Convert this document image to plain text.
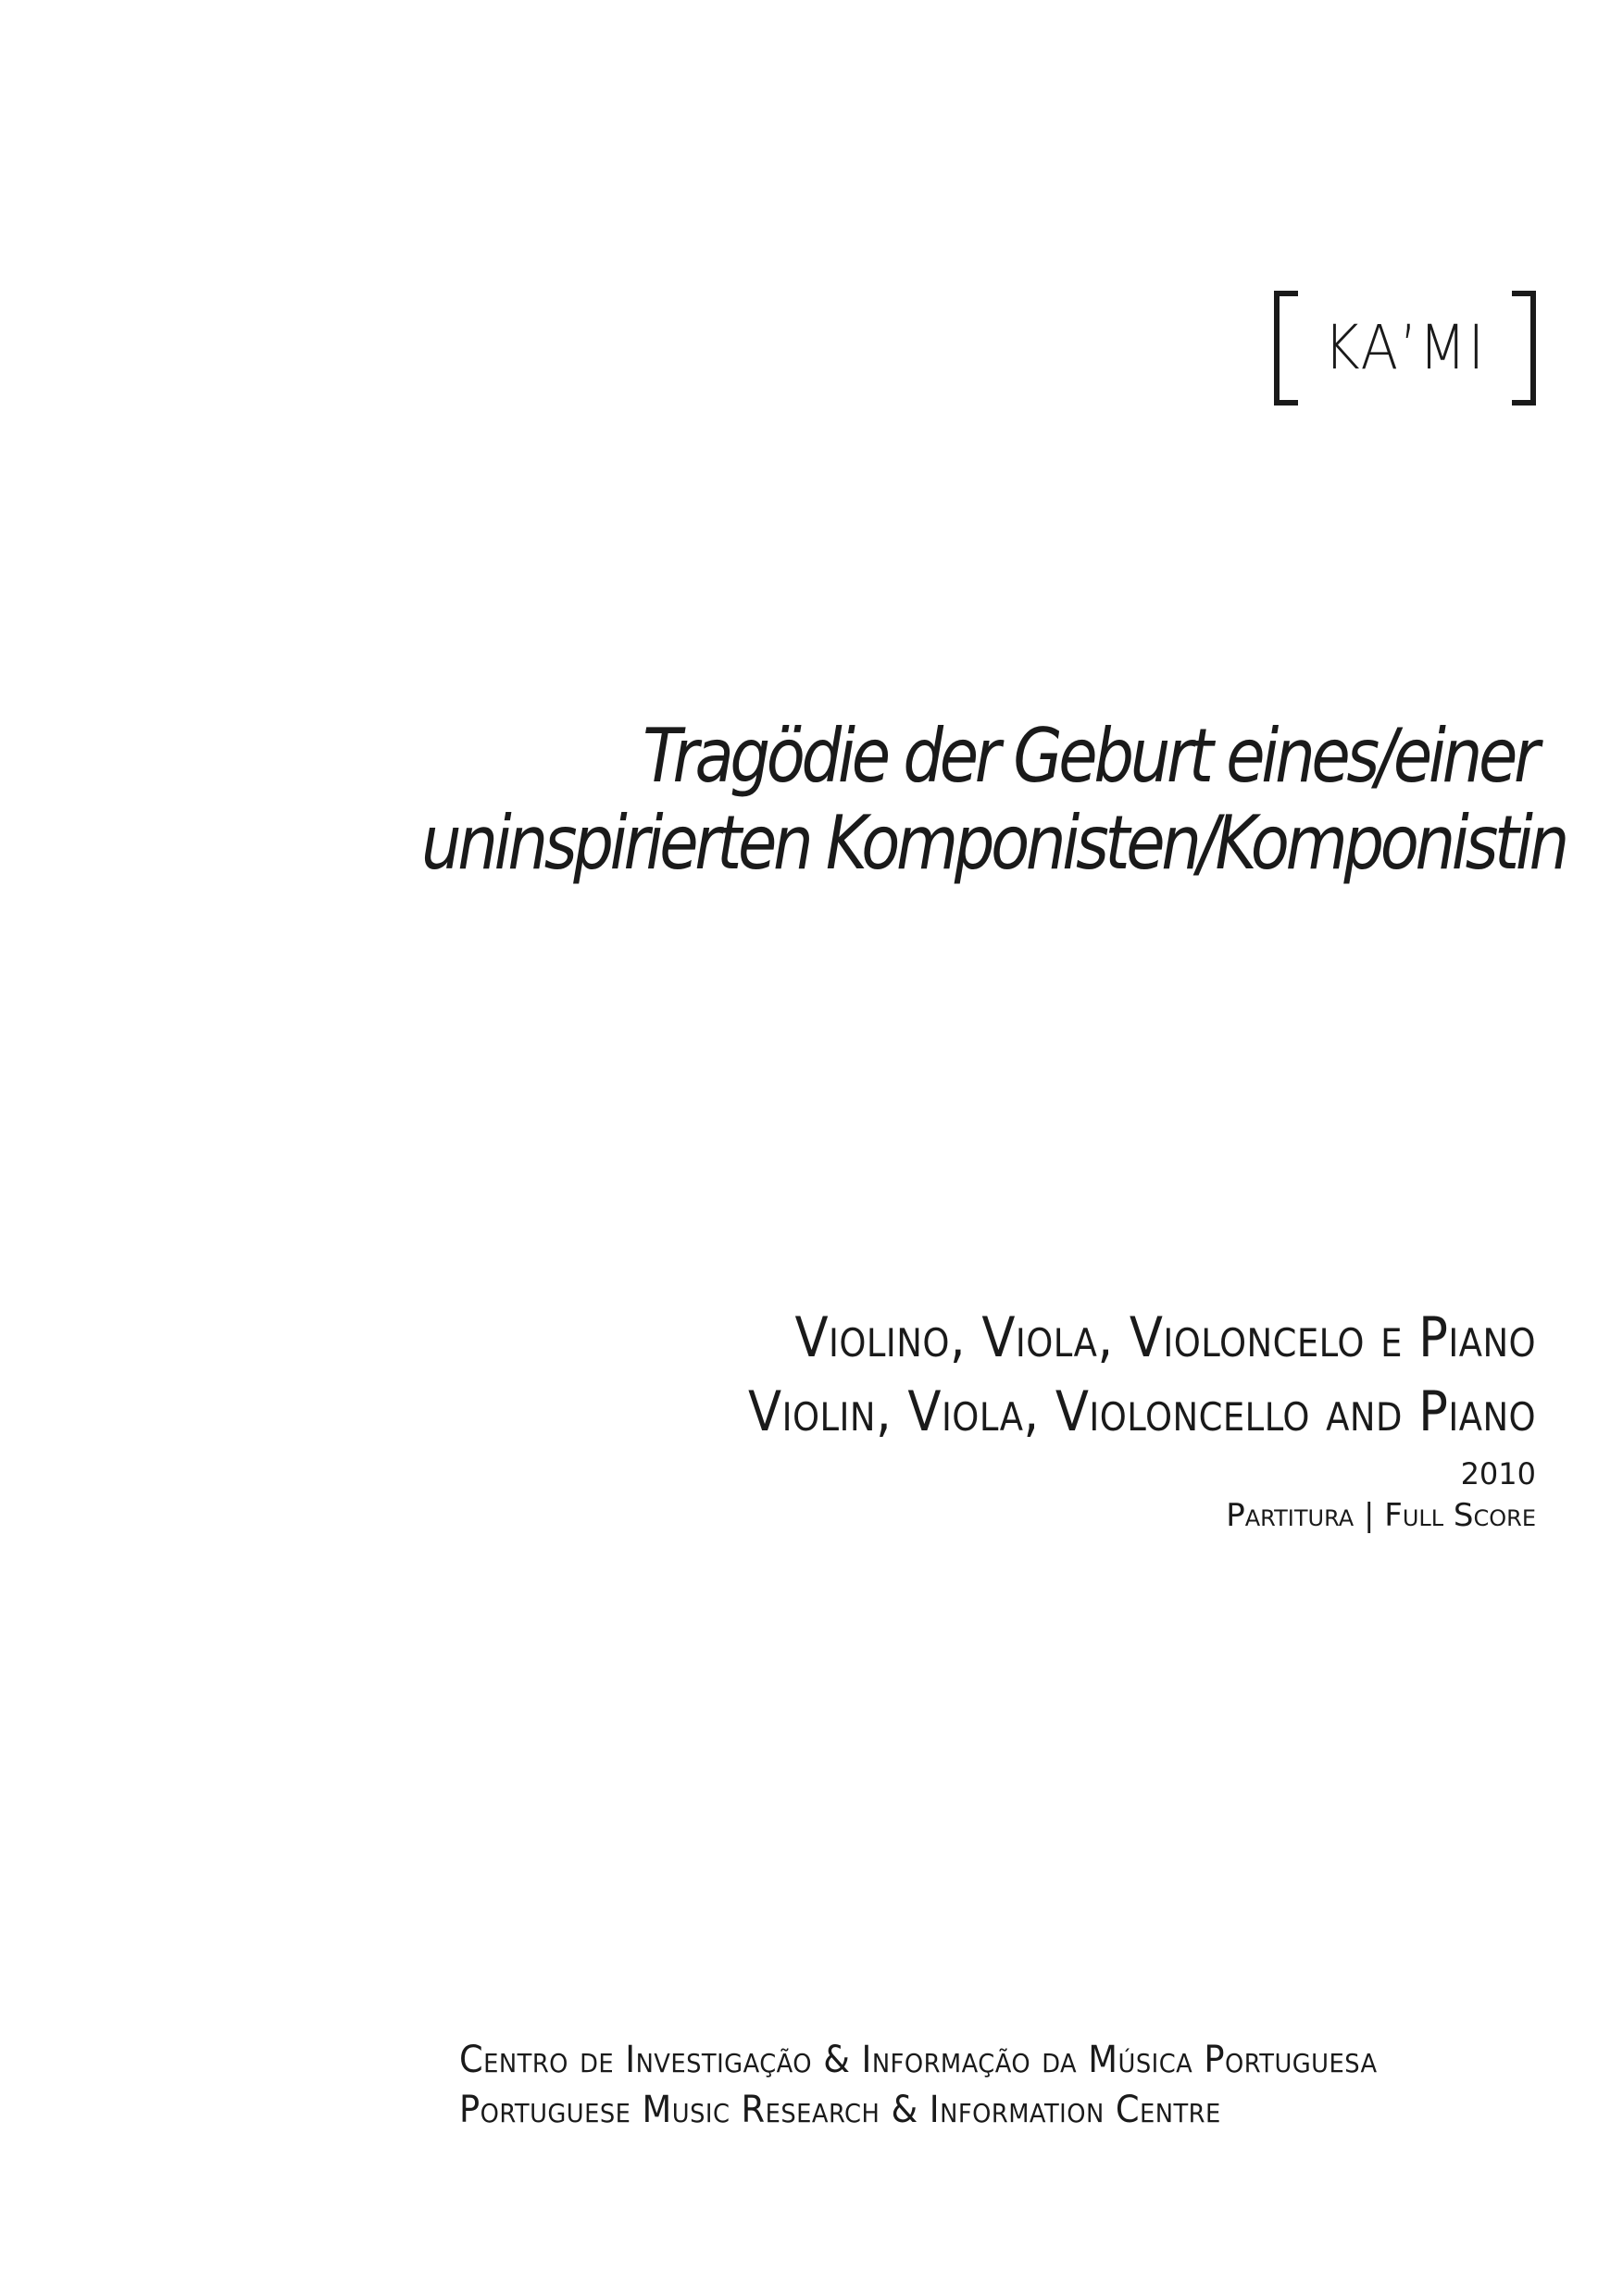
KAʼMI
Tragödie der Geburt eines/einer
uninspirierten Komponisten/Komponistin
Violino, Viola, Violoncelo e Piano
Violin, Viola, Violoncello and Piano
2010
Partitura | Full Score
Centro de Investigação & Informação da Música Portuguesa
Portuguese Music Research & Information Centre
